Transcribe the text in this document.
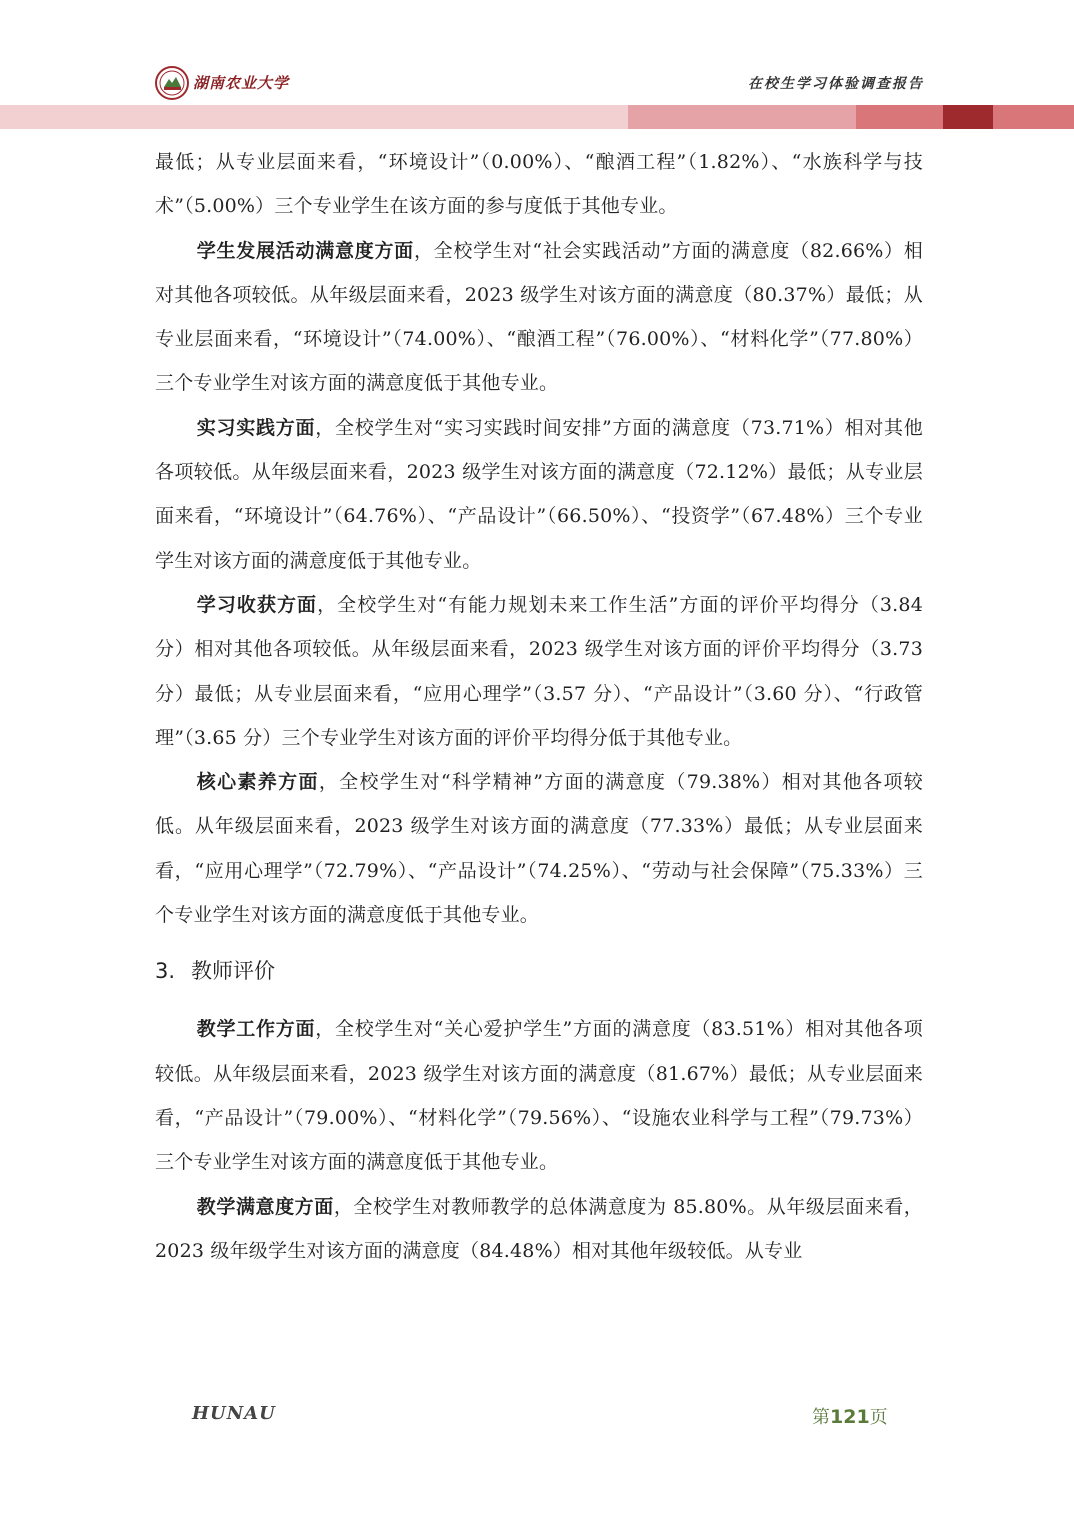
湖南农业大学	在校生学习体验调查报告

最低；从专业层面来看，“环境设计”（0.00%）、“酿酒工程”（1.82%）、“水族科学与技术”（5.00%）三个专业学生在该方面的参与度低于其他专业。

学生发展活动满意度方面，全校学生对“社会实践活动”方面的满意度（82.66%）相对其他各项较低。从年级层面来看，2023 级学生对该方面的满意度（80.37%）最低；从专业层面来看，“环境设计”（74.00%）、“酿酒工程”（76.00%）、“材料化学”（77.80%）三个专业学生对该方面的满意度低于其他专业。

实习实践方面，全校学生对“实习实践时间安排”方面的满意度（73.71%）相对其他各项较低。从年级层面来看，2023 级学生对该方面的满意度（72.12%）最低；从专业层面来看，“环境设计”（64.76%）、“产品设计”（66.50%）、“投资学”（67.48%）三个专业学生对该方面的满意度低于其他专业。

学习收获方面，全校学生对“有能力规划未来工作生活”方面的评价平均得分（3.84 分）相对其他各项较低。从年级层面来看，2023 级学生对该方面的评价平均得分（3.73 分）最低；从专业层面来看，“应用心理学”（3.57 分）、“产品设计”（3.60 分）、“行政管理”（3.65 分）三个专业学生对该方面的评价平均得分低于其他专业。

核心素养方面，全校学生对“科学精神”方面的满意度（79.38%）相对其他各项较低。从年级层面来看，2023 级学生对该方面的满意度（77.33%）最低；从专业层面来看，“应用心理学”（72.79%）、“产品设计”（74.25%）、“劳动与社会保障”（75.33%）三个专业学生对该方面的满意度低于其他专业。

3. 教师评价

教学工作方面，全校学生对“关心爱护学生”方面的满意度（83.51%）相对其他各项较低。从年级层面来看，2023 级学生对该方面的满意度（81.67%）最低；从专业层面来看，“产品设计”（79.00%）、“材料化学”（79.56%）、“设施农业科学与工程”（79.73%）三个专业学生对该方面的满意度低于其他专业。

教学满意度方面，全校学生对教师教学的总体满意度为 85.80%。从年级层面来看，2023 级年级学生对该方面的满意度（84.48%）相对其他年级较低。从专业

HUNAU	第121页
